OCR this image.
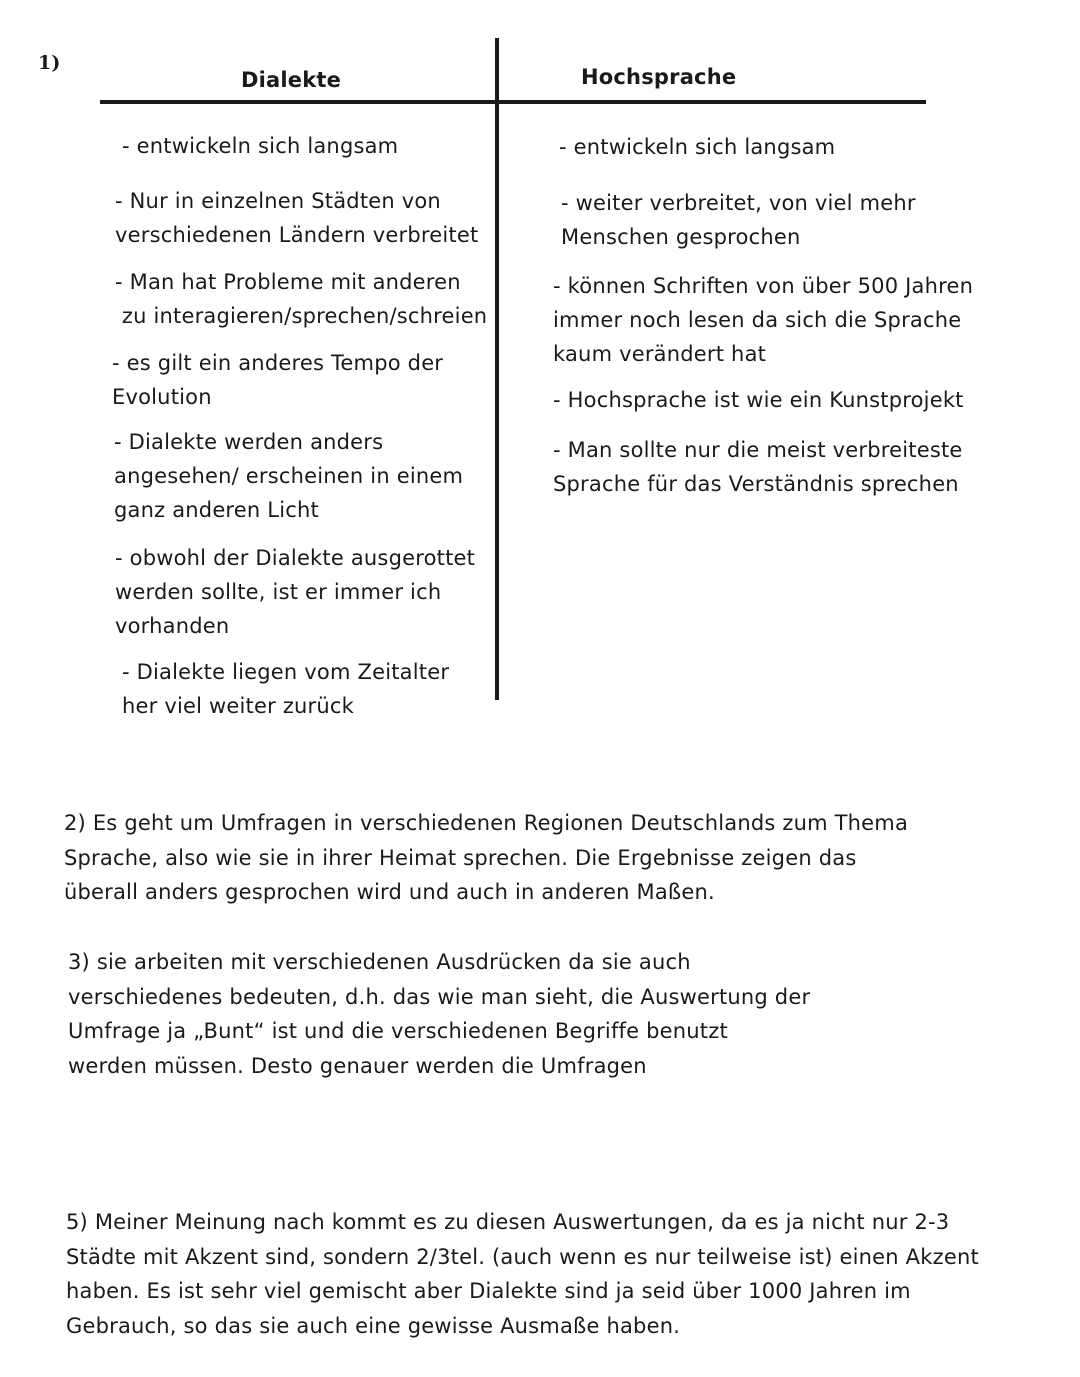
1)
Dialekte	Hochsprache
- entwickeln sich langsam
- Nur in einzelnen Städten von
verschiedenen Ländern verbreitet
- Man hat Probleme mit anderen
zu interagieren/sprechen/schreien
- es gilt ein anderes Tempo der
Evolution
- Dialekte werden anders
angesehen/ erscheinen in einem
ganz anderen Licht
- obwohl der Dialekte ausgerottet
werden sollte, ist er immer ich
vorhanden
- Dialekte liegen vom Zeitalter
her viel weiter zurück
- entwickeln sich langsam
- weiter verbreitet, von viel mehr
Menschen gesprochen
- können Schriften von über 500 Jahren
immer noch lesen da sich die Sprache
kaum verändert hat
- Hochsprache ist wie ein Kunstprojekt
- Man sollte nur die meist verbreiteste
Sprache für das Verständnis sprechen
2) Es geht um Umfragen in verschiedenen Regionen Deutschlands zum Thema
Sprache, also wie sie in ihrer Heimat sprechen. Die Ergebnisse zeigen das
überall anders gesprochen wird und auch in anderen Maßen.
3) sie arbeiten mit verschiedenen Ausdrücken da sie auch
verschiedenes bedeuten, d.h. das wie man sieht, die Auswertung der
Umfrage ja „Bunt“ ist und die verschiedenen Begriffe benutzt
werden müssen. Desto genauer werden die Umfragen
5) Meiner Meinung nach kommt es zu diesen Auswertungen, da es ja nicht nur 2-3
Städte mit Akzent sind, sondern 2/3tel. (auch wenn es nur teilweise ist) einen Akzent
haben. Es ist sehr viel gemischt aber Dialekte sind ja seid über 1000 Jahren im
Gebrauch, so das sie auch eine gewisse Ausmaße haben.
